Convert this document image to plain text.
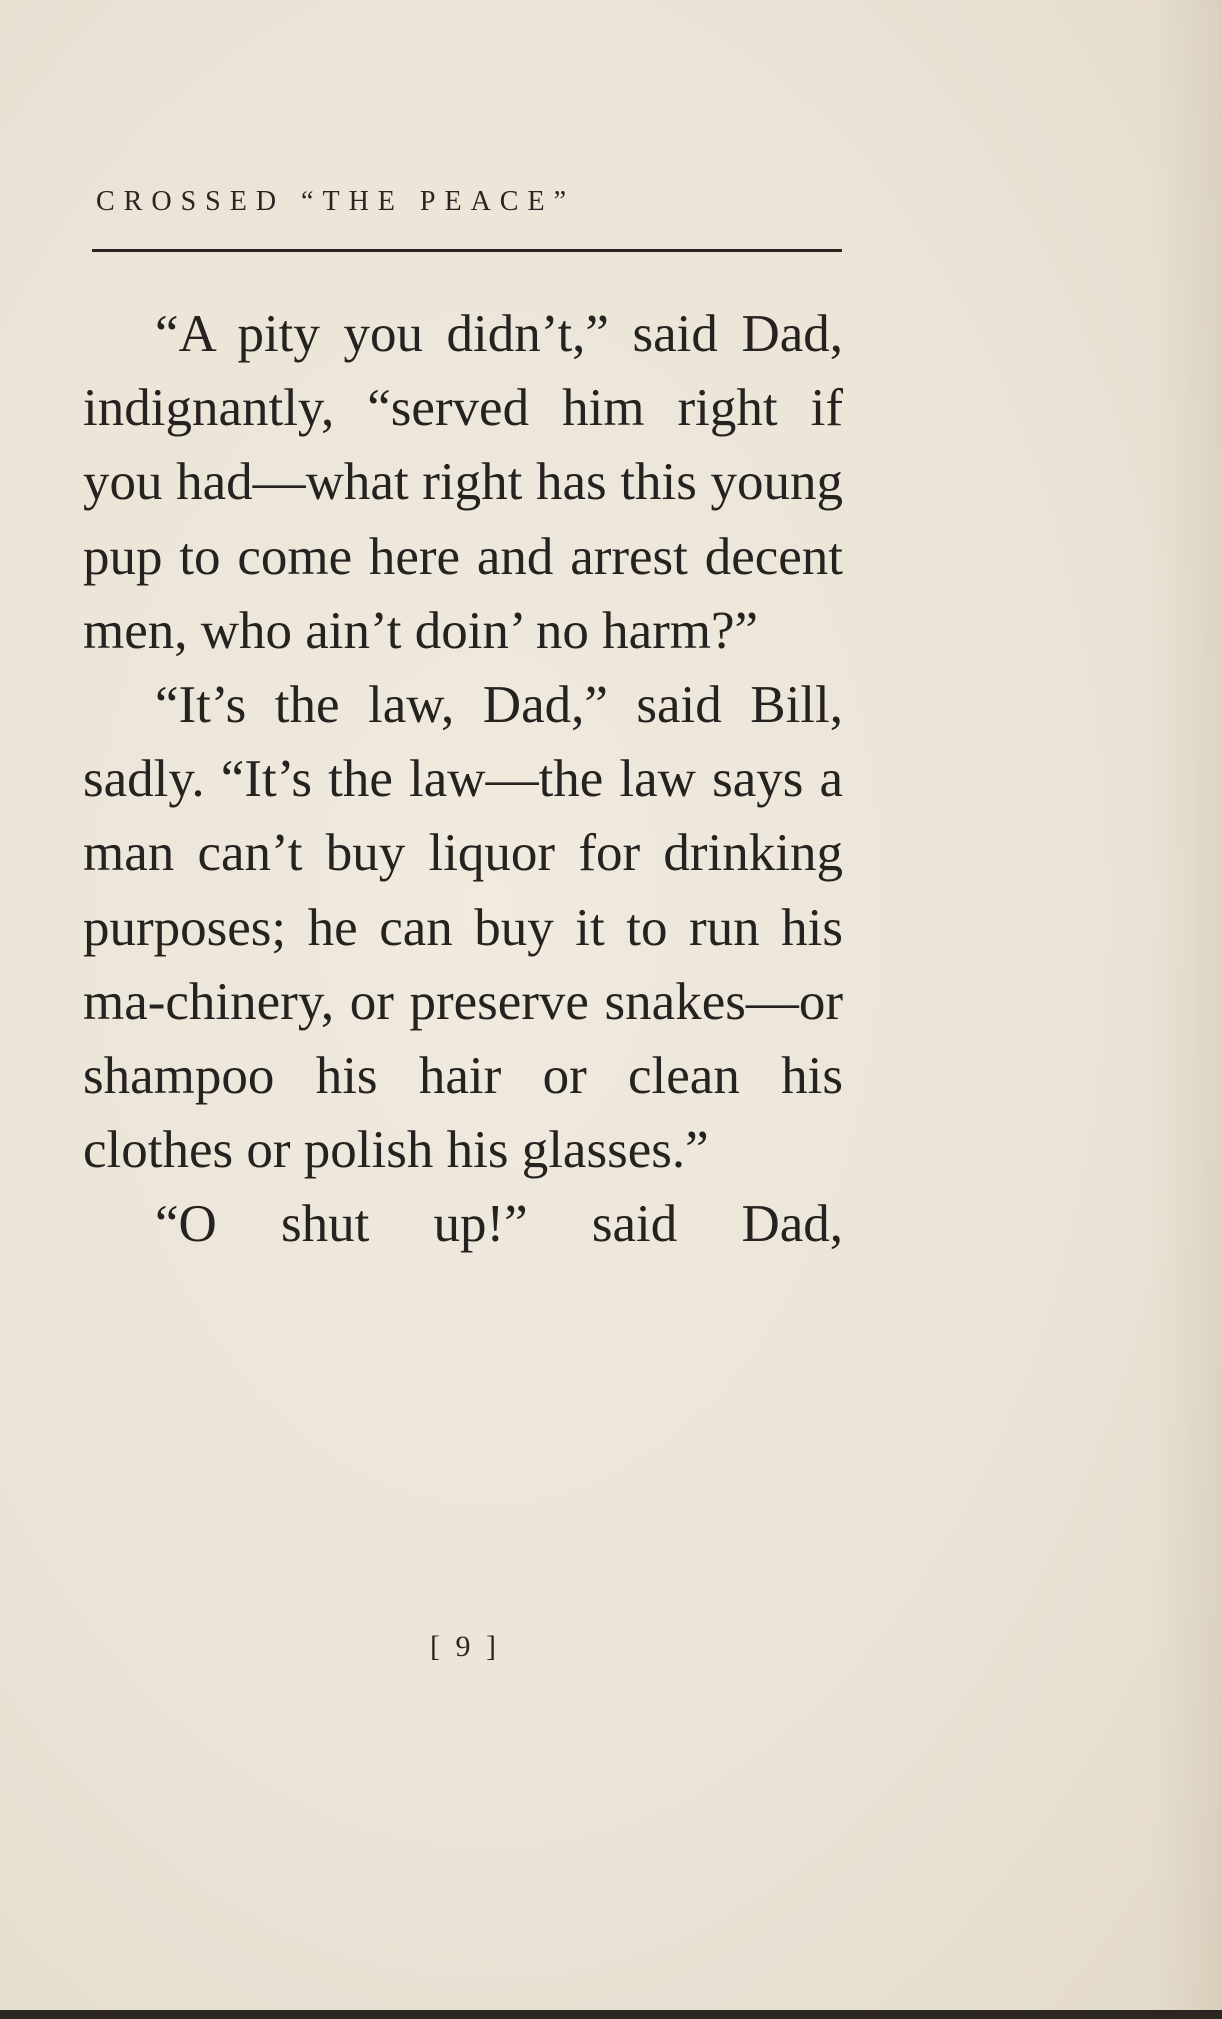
CROSSED “THE PEACE”

“A pity you didn’t,” said Dad, indignantly, “served him right if you had—what right has this young pup to come here and arrest decent men, who ain’t doin’ no harm?”

“It’s the law, Dad,” said Bill, sadly. “It’s the law—the law says a man can’t buy liquor for drinking purposes; he can buy it to run his ma-chinery, or preserve snakes—or shampoo his hair or clean his clothes or polish his glasses.”

“O shut up!” said Dad,

[ 9 ]
